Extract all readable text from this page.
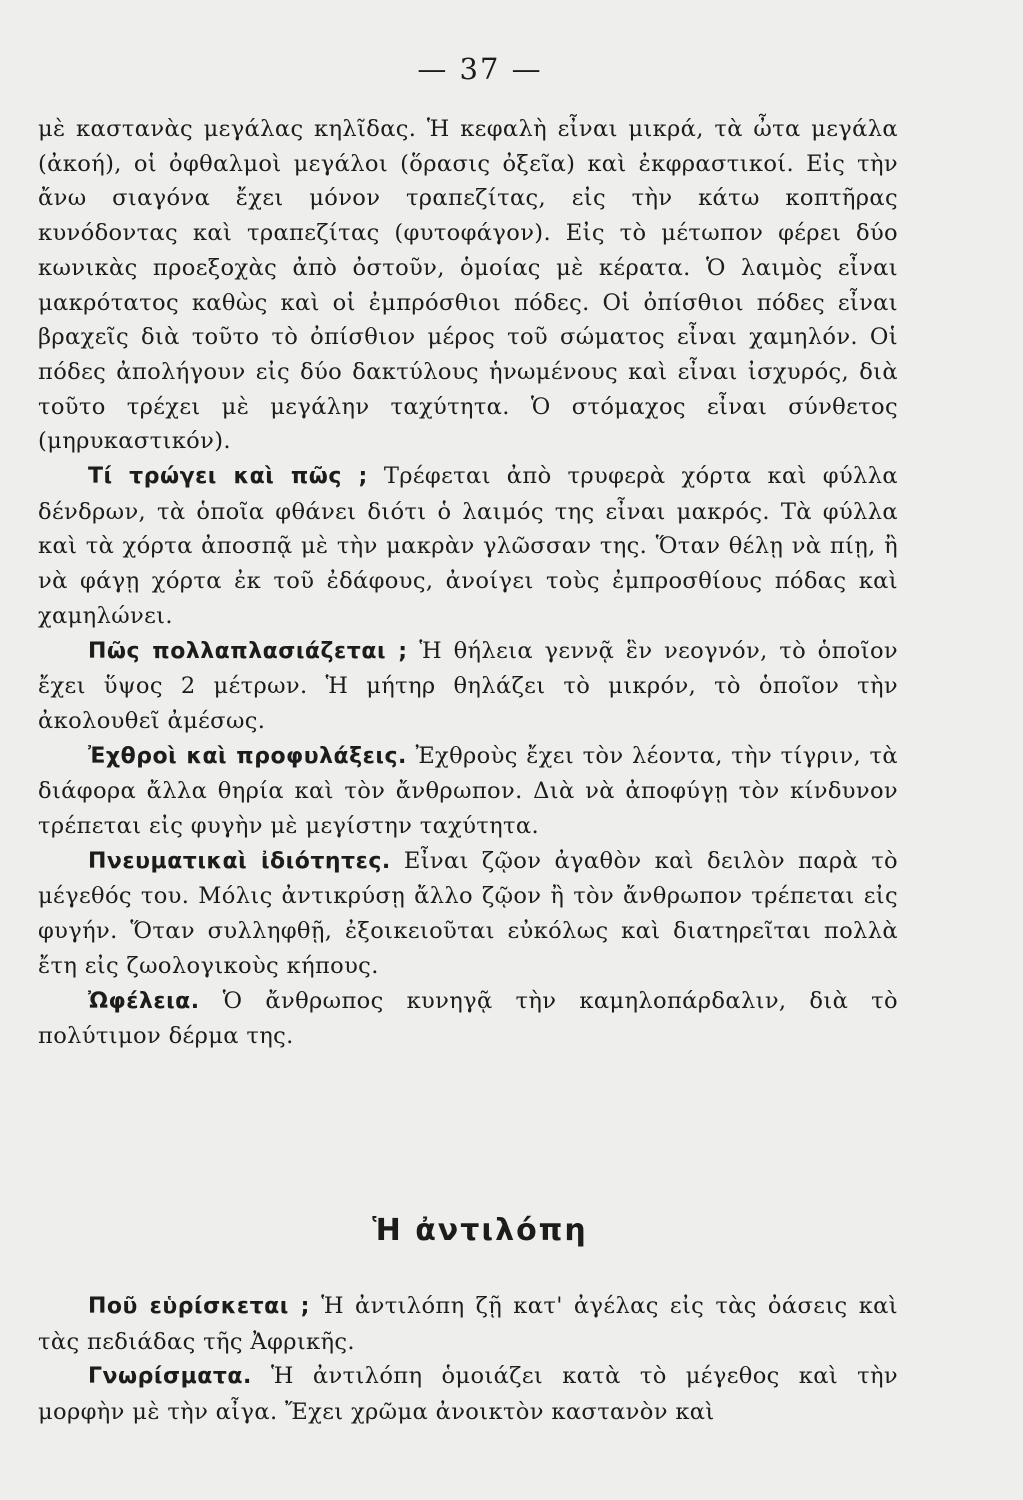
— 37 —

μὲ καστανὰς μεγάλας κηλῖδας. Ἡ κεφαλὴ εἶναι μικρά, τὰ ὦτα μεγάλα (ἀκοή), οἱ ὀφθαλμοὶ μεγάλοι (ὅρασις ὀξεῖα) καὶ ἐκφραστικοί. Εἰς τὴν ἄνω σιαγόνα ἔχει μόνον τραπεζίτας, εἰς τὴν κάτω κοπτῆρας κυνόδοντας καὶ τραπεζίτας (φυτοφάγον). Εἰς τὸ μέτωπον φέρει δύο κωνικὰς προεξοχὰς ἀπὸ ὀστοῦν, ὁμοίας μὲ κέρατα. Ὁ λαιμὸς εἶναι μακρότατος καθὼς καὶ οἱ ἐμπρόσθιοι πόδες. Οἱ ὀπίσθιοι πόδες εἶναι βραχεῖς διὰ τοῦτο τὸ ὀπίσθιον μέρος τοῦ σώματος εἶναι χαμηλόν. Οἱ πόδες ἀπολήγουν εἰς δύο δακτύλους ἡνωμένους καὶ εἶναι ἰσχυρός, διὰ τοῦτο τρέχει μὲ μεγάλην ταχύτητα. Ὁ στόμαχος εἶναι σύνθετος (μηρυκαστικόν).

Τί τρώγει καὶ πῶς ; Τρέφεται ἀπὸ τρυφερὰ χόρτα καὶ φύλλα δένδρων, τὰ ὁποῖα φθάνει διότι ὁ λαιμός της εἶναι μακρός. Τὰ φύλλα καὶ τὰ χόρτα ἀποσπᾷ μὲ τὴν μακρὰν γλῶσσαν της. Ὅταν θέλῃ νὰ πίῃ, ἢ νὰ φάγῃ χόρτα ἐκ τοῦ ἐδάφους, ἀνοίγει τοὺς ἐμπροσθίους πόδας καὶ χαμηλώνει.

Πῶς πολλαπλασιάζεται ; Ἡ θήλεια γεννᾷ ἓν νεογνόν, τὸ ὁποῖον ἔχει ὕψος 2 μέτρων. Ἡ μήτηρ θηλάζει τὸ μικρόν, τὸ ὁποῖον τὴν ἀκολουθεῖ ἀμέσως.

Ἐχθροὶ καὶ προφυλάξεις. Ἐχθροὺς ἔχει τὸν λέοντα, τὴν τίγριν, τὰ διάφορα ἄλλα θηρία καὶ τὸν ἄνθρωπον. Διὰ νὰ ἀποφύγῃ τὸν κίνδυνον τρέπεται εἰς φυγὴν μὲ μεγίστην ταχύτητα.

Πνευματικαὶ ἰδιότητες. Εἶναι ζῷον ἀγαθὸν καὶ δειλὸν παρὰ τὸ μέγεθός του. Μόλις ἀντικρύσῃ ἄλλο ζῷον ἢ τὸν ἄνθρωπον τρέπεται εἰς φυγήν. Ὅταν συλληφθῇ, ἐξοικειοῦται εὐκόλως καὶ διατηρεῖται πολλὰ ἔτη εἰς ζωολογικοὺς κήπους.

Ὠφέλεια. Ὁ ἄνθρωπος κυνηγᾷ τὴν καμηλοπάρδαλιν, διὰ τὸ πολύτιμον δέρμα της.

Ἡ ἀντιλόπη

Ποῦ εὑρίσκεται ; Ἡ ἀντιλόπη ζῇ κατ' ἀγέλας εἰς τὰς ὀάσεις καὶ τὰς πεδιάδας τῆς Ἀφρικῆς.

Γνωρίσματα. Ἡ ἀντιλόπη ὁμοιάζει κατὰ τὸ μέγεθος καὶ τὴν μορφὴν μὲ τὴν αἶγα. Ἔχει χρῶμα ἀνοικτὸν καστανὸν καὶ
